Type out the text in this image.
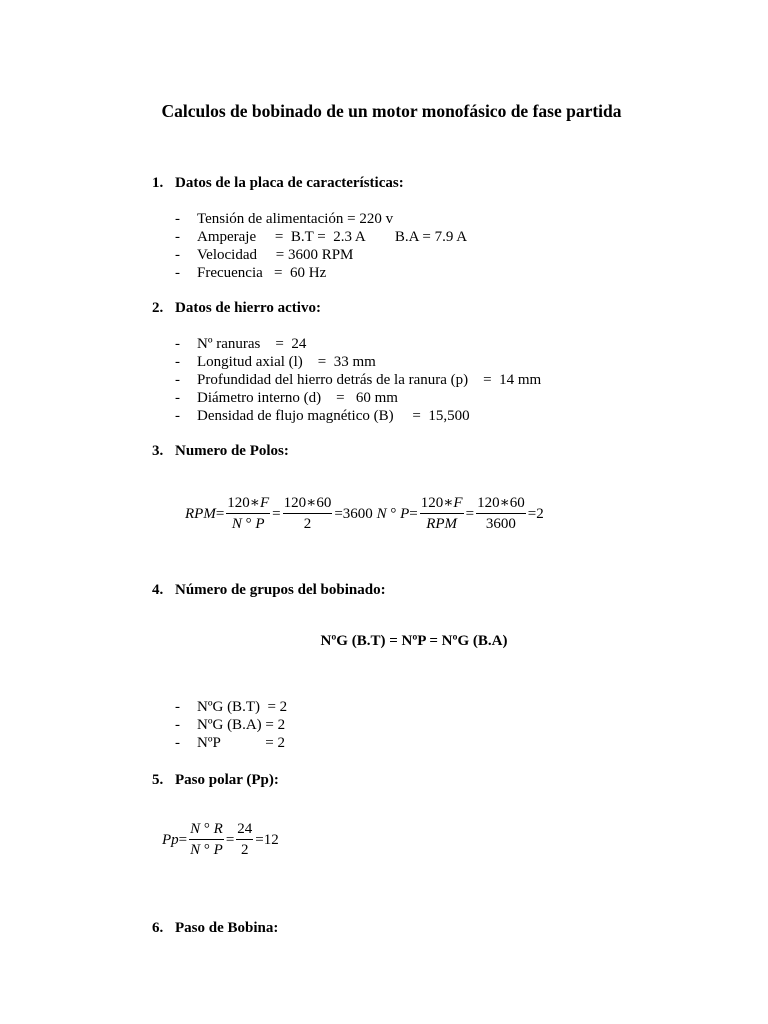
Calculos de bobinado de un motor monofásico de fase partida
1. Datos de la placa de características:
- Tensión de alimentación = 220 v
- Amperaje     =  B.T =  2.3 A        B.A = 7.9 A
- Velocidad     = 3600 RPM
- Frecuencia   =  60 Hz
2. Datos de hierro activo:
- Nº ranuras    =  24
- Longitud axial (l)    =  33 mm
- Profundidad del hierro detrás de la ranura (p)    =  14 mm
- Diámetro interno (d)    =   60 mm
- Densidad de flujo magnético (B)     =  15,500
3. Numero de Polos:
$RPM= \frac{120∗F}{N ^\circ P} = \frac{120∗60}{2} =3600$ N ° $P= \frac{120∗F}{\text{RPM}} = \frac{120∗60}{3600} =2$
4. Número de grupos del bobinado:
NºG (B.T) = NºP = NºG (B.A)
- NºG (B.T)  = 2
- NºG (B.A) = 2
- NºP            = 2
5. Paso polar (Pp):
$Pp= \frac{N ^\circ R}{N ^\circ P} = \frac{24}{2} =12$
6. Paso de Bobina:
